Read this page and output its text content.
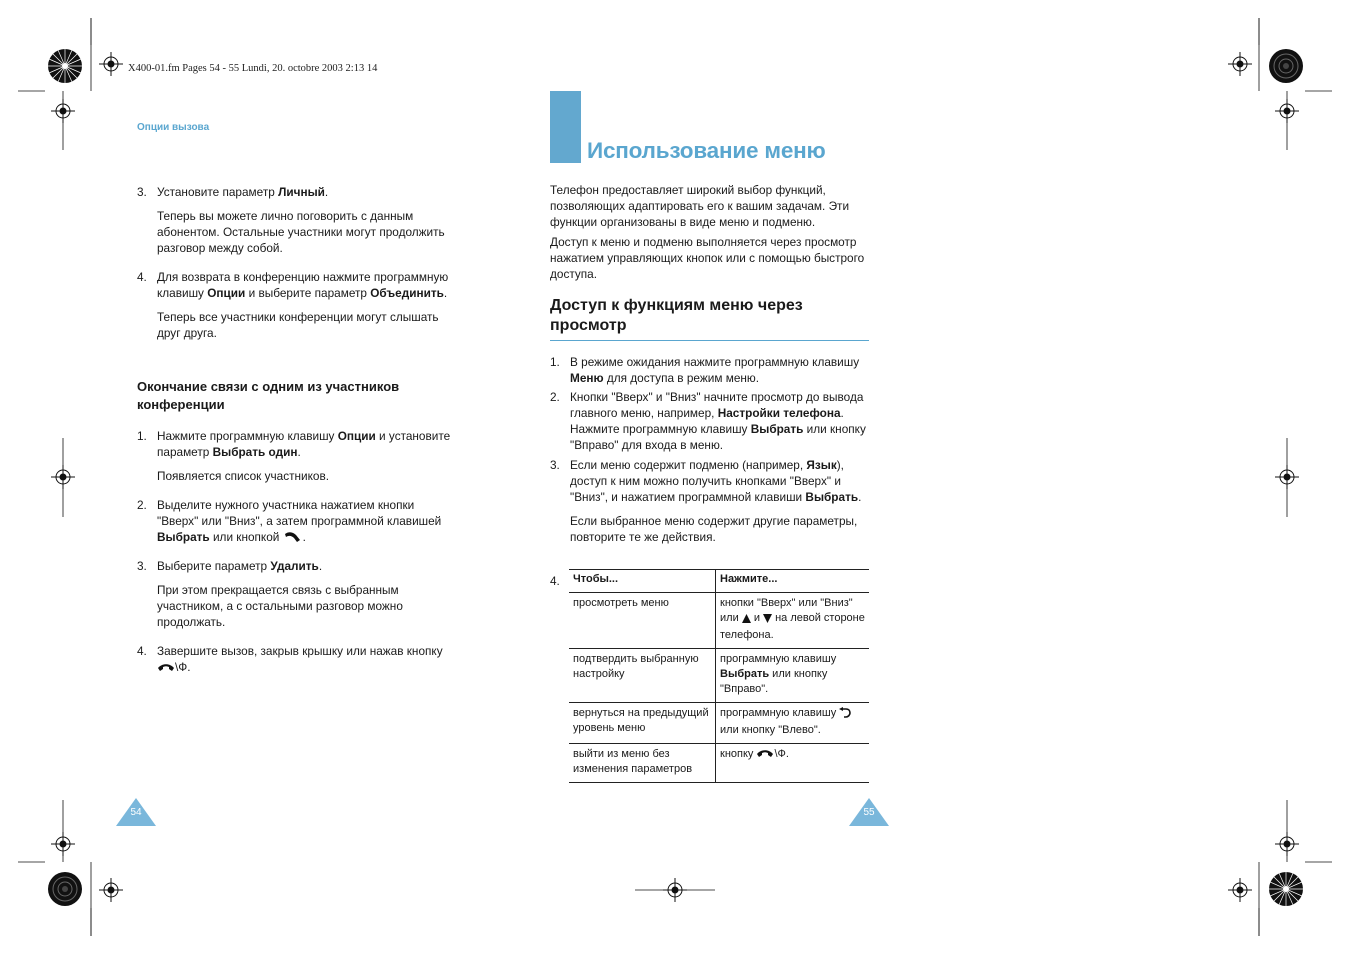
X400-01.fm Pages 54 - 55 Lundi, 20. octobre 2003 2:13 14
Опции вызова
3. Установите параметр Личный.

Теперь вы можете лично поговорить с данным абонентом. Остальные участники могут продолжить разговор между собой.

4. Для возврата в конференцию нажмите программную клавишу Опции и выберите параметр Объединить.

Теперь все участники конференции могут слышать друг друга.

1. Нажмите программную клавишу Опции и установите параметр Выбрать один.

Появляется список участников.

2. Выделите нужного участника нажатием кнопки "Вверх" или "Вниз", а затем программной клавишей Выбрать или кнопкой .

3. Выберите параметр Удалить.

При этом прекращается связь с выбранным участником, а с остальными разговор можно продолжать.

4. Завершите вызов, закрыв крышку или нажав кнопку \Ф.

Окончание связи с одним из участников конференции
54
Использование меню

Телефон предоставляет широкий выбор функций, позволяющих адаптировать его к вашим задачам. Эти функции организованы в виде меню и подменю.

Доступ к меню и подменю выполняется через просмотр нажатием управляющих кнопок или с помощью быстрого доступа.

Доступ к функциям меню через просмотр
1. В режиме ожидания нажмите программную клавишу Меню для доступа в режим меню.

2. Кнопки "Вверх" и "Вниз" начните просмотр до вывода главного меню, например, Настройки телефона. Нажмите программную клавишу Выбрать или кнопку "Вправо" для входа в меню.

3. Если меню содержит подменю (например, Язык), доступ к ним можно получить кнопками "Вверх" и "Вниз", и нажатием программной клавиши Выбрать.

Если выбранное меню содержит другие параметры, повторите те же действия.

4. Чтобы...	Нажмите...
просмотреть меню	кнопки "Вверх" или "Вниз" или  и  на левой стороне телефона.
подтвердить выбранную настройку	программную клавишу Выбрать или кнопку "Вправо".
вернуться на предыдущий уровень меню	программную клавишу  или кнопку "Влево".
выйти из меню без изменения параметров	кнопку \Ф.
55
